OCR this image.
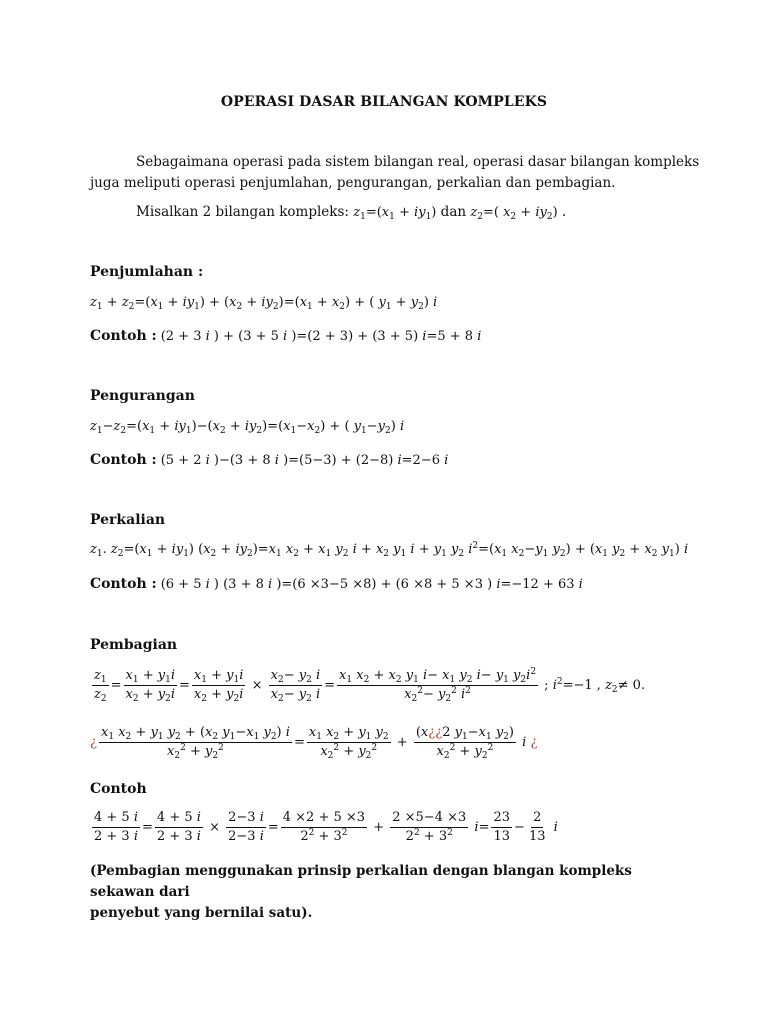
OPERASI DASAR BILANGAN KOMPLEKS
Sebagaimana operasi pada sistem bilangan real, operasi dasar bilangan kompleks
juga meliputi operasi penjumlahan, pengurangan, perkalian dan pembagian.
Misalkan 2 bilangan kompleks: $z_1=(x_1 + iy_1)$ dan $z_2=$( $x_2 + iy_2$) .
Penjumlahan :
$z_1 + z_2=(x_1 + iy_1) + (x_2 + iy_2)=(x_1 + x_2)$ + ( $y_1 + y_2$) i
Contoh : (2 + 3 i ) + (3 + 5 i )=(2 + 3) + (3 + 5) i=5 + 8 i
Pengurangan
$z_1-z_2=(x_1 + iy_1)-(x_2 + iy_2)=(x_1-x_2)$ + ( $y_1-y_2$) i
Contoh : (5 + 2 i )−(3 + 8 i )=(5−3) + (2−8) i=2−6 i
Perkalian
$z_1$. $z_2=(x_1 + iy_1) (x_2 + iy_2)=x_1$ $x_2 + x_1$ $y_2$ $i + x_2$ $y_1$ $i + y_1$ $y_2$ $i^2=(x_1$ $x_2-y_1$ $y_2) + (x_1$ $y_2 + x_2$ $y_1$) i
Contoh : (6 + 5 i ) (3 + 8 i )=(6 ×3−5 ×8) + (6 ×8 + 5 ×3 ) i=−12 + 63 i
Pembagian
$\frac{z_1}{z_2} = \frac{x_1 + y_1i}{x_2 + y_2i} = \frac{x_1 + y_1i}{x_2 + y_2i} \times \frac{x_2- y_2 i}{x_2- y_2 i} = \frac{x_1 x_2 + x_2 y_1 i- x_1 y_2 i- y_1 y_2i^2}{x_2^2- y_2^2 i^2}$ ; $i^2=-1$ , $z_2\ne 0$.
¿ $\frac{x_1 x_2 + y_1 y_2 + (x_2 y_1-x_1 y_2) i}{x_2^2 + y_2^2} = \frac{x_1 x_2 + y_1 y_2}{x_2^2 + y_2^2} + \frac{(x¿¿2 y_1-x_1 y_2)}{x_2^2 + y_2^2}$ i ¿
Contoh
$\frac{4 + 5 i}{2 + 3 i} = \frac{4 + 5 i}{2 + 3 i} \times \frac{2-3 i}{2-3 i} = \frac{4 \times 2 + 5 \times 3}{2^2 + 3^2} + \frac{2 \times 5-4 \times 3}{2^2 + 3^2} i= \frac{23}{13} - \frac{2}{13}$ i
(Pembagian menggunakan prinsip perkalian dengan blangan kompleks sekawan dari
penyebut yang bernilai satu).
